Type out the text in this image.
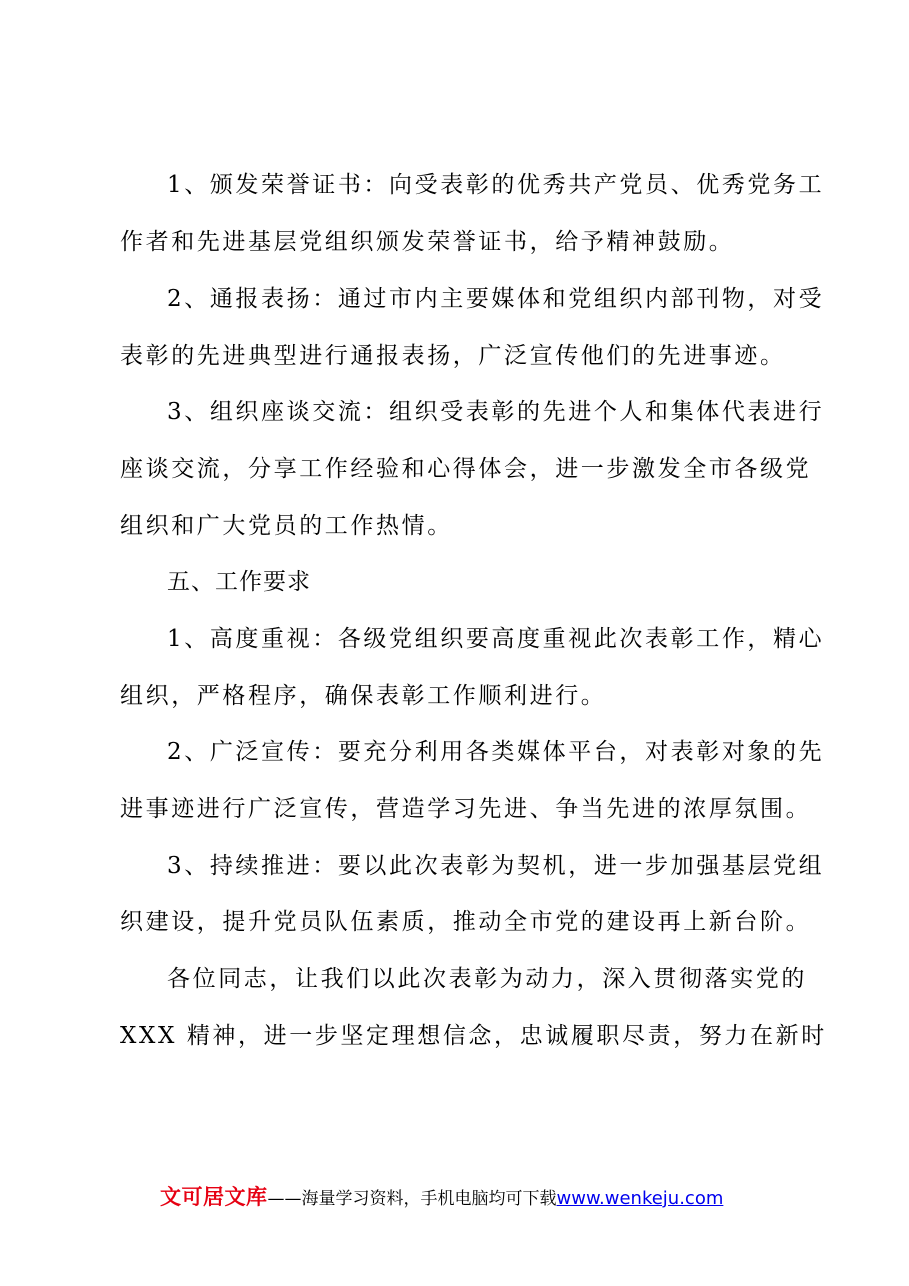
1、颁发荣誉证书：向受表彰的优秀共产党员、优秀党务工
作者和先进基层党组织颁发荣誉证书，给予精神鼓励。
2、通报表扬：通过市内主要媒体和党组织内部刊物，对受
表彰的先进典型进行通报表扬，广泛宣传他们的先进事迹。
3、组织座谈交流：组织受表彰的先进个人和集体代表进行
座谈交流，分享工作经验和心得体会，进一步激发全市各级党
组织和广大党员的工作热情。
五、工作要求
1、高度重视：各级党组织要高度重视此次表彰工作，精心
组织，严格程序，确保表彰工作顺利进行。
2、广泛宣传：要充分利用各类媒体平台，对表彰对象的先
进事迹进行广泛宣传，营造学习先进、争当先进的浓厚氛围。
3、持续推进：要以此次表彰为契机，进一步加强基层党组
织建设，提升党员队伍素质，推动全市党的建设再上新台阶。
各位同志，让我们以此次表彰为动力，深入贯彻落实党的
XXX 精神，进一步坚定理想信念，忠诚履职尽责，努力在新时
文可居文库——海量学习资料，手机电脑均可下载www.wenkeju.com
